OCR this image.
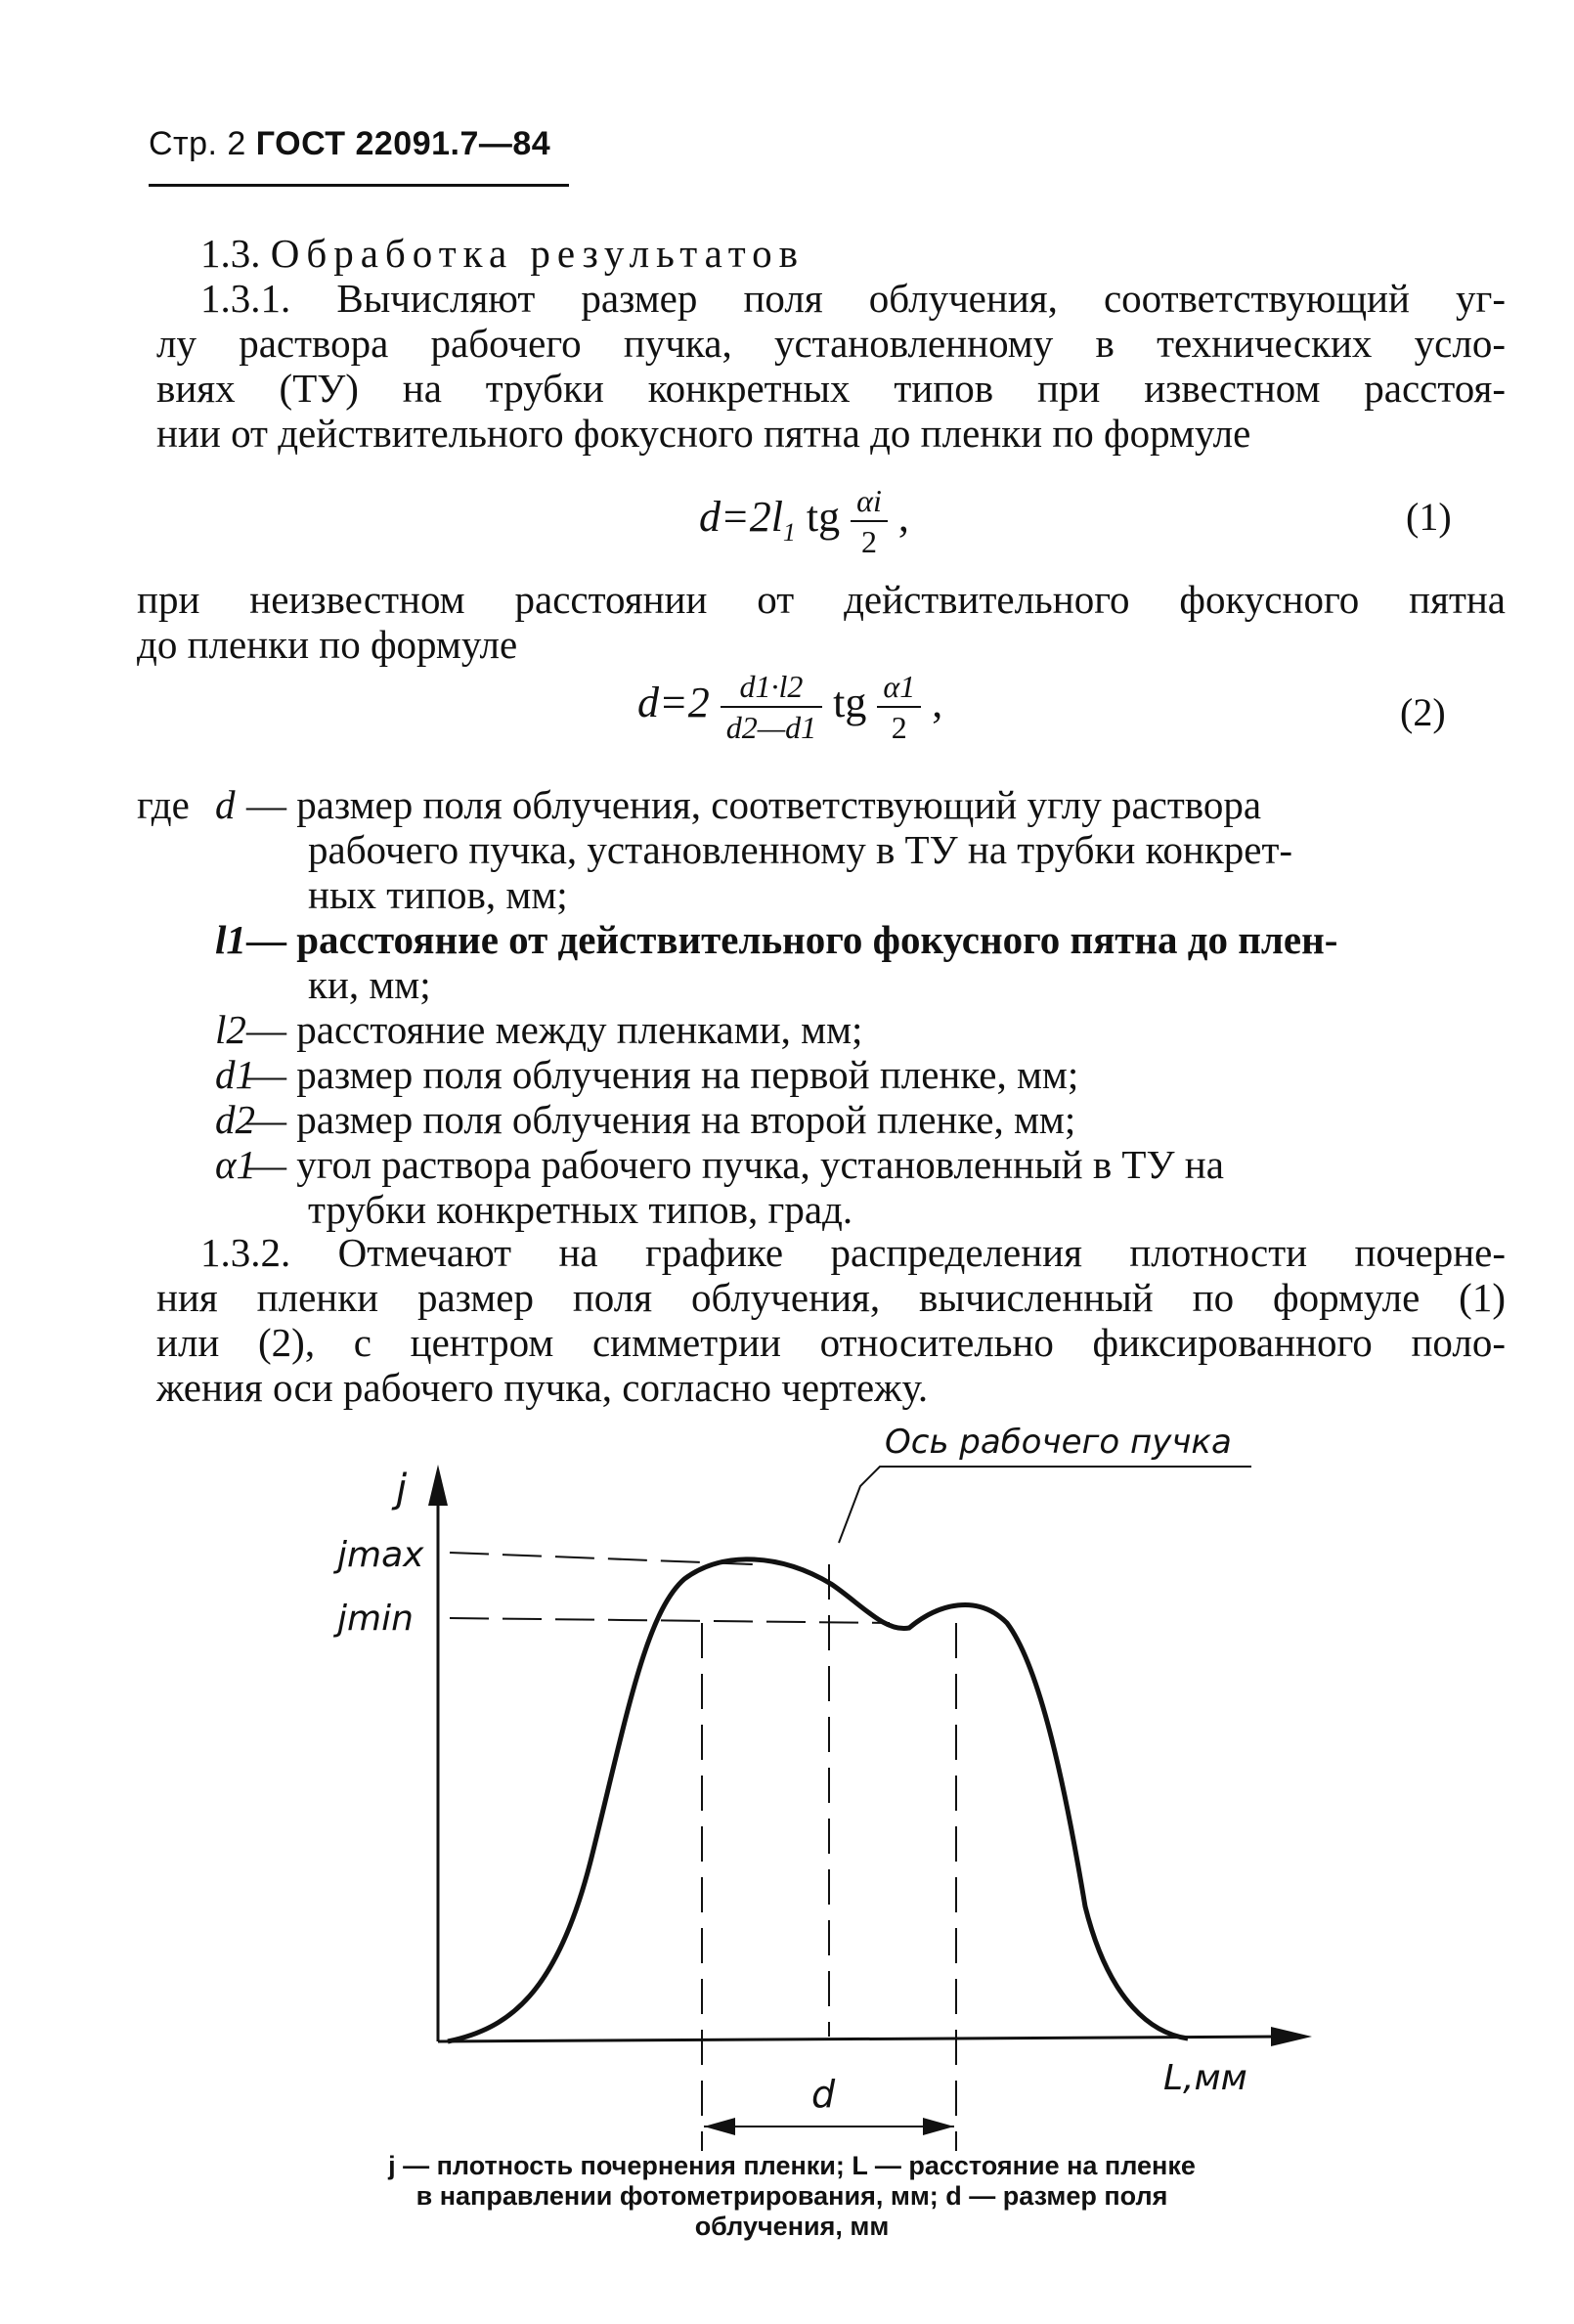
Стр. 2 ГОСТ 22091.7—84
1.3. Обработка результатов
1.3.1. Вычисляют размер поля облучения, соответствующий уг-
лу раствора рабочего пучка, установленному в технических усло-
виях (ТУ) на трубки конкретных типов при известном расстоя-
нии от действительного фокусного пятна до пленки по формуле
$d=2l_1$ tg $\frac{\alpha i}{2}$ ,	(1)
при неизвестном расстоянии от действительного фокусного пятна
до пленки по формуле
$d=2 \frac{d1\cdot l2}{d2—d1}$ tg $\frac{\alpha 1}{2}$ ,	(2)
где d — размер поля облучения, соответствующий углу раствора
рабочего пучка, установленному в ТУ на трубки конкрет-
ных типов, мм;
l1 — расстояние от действительного фокусного пятна до плен-
ки, мм;
l2 — расстояние между пленками, мм;
d1
— размер поля облучения на первой пленке, мм;
d2
— размер поля облучения на второй пленке, мм;
α1
— угол раствора рабочего пучка, установленный в ТУ на
трубки конкретных типов, град.
1.3.2. Отмечают на графике распределения плотности почерне-
ния пленки размер поля облучения, вычисленный по формуле (1)
или (2), с центром симметрии относительно фиксированного поло-
жения оси рабочего пучка, согласно чертежу.
j
jmax
jmin
Ось рабочего пучка
L,мм
d
j — плотность почернения пленки; L — расстояние на пленке
в направлении фотометрирования, мм; d — размер поля
облучения, мм
